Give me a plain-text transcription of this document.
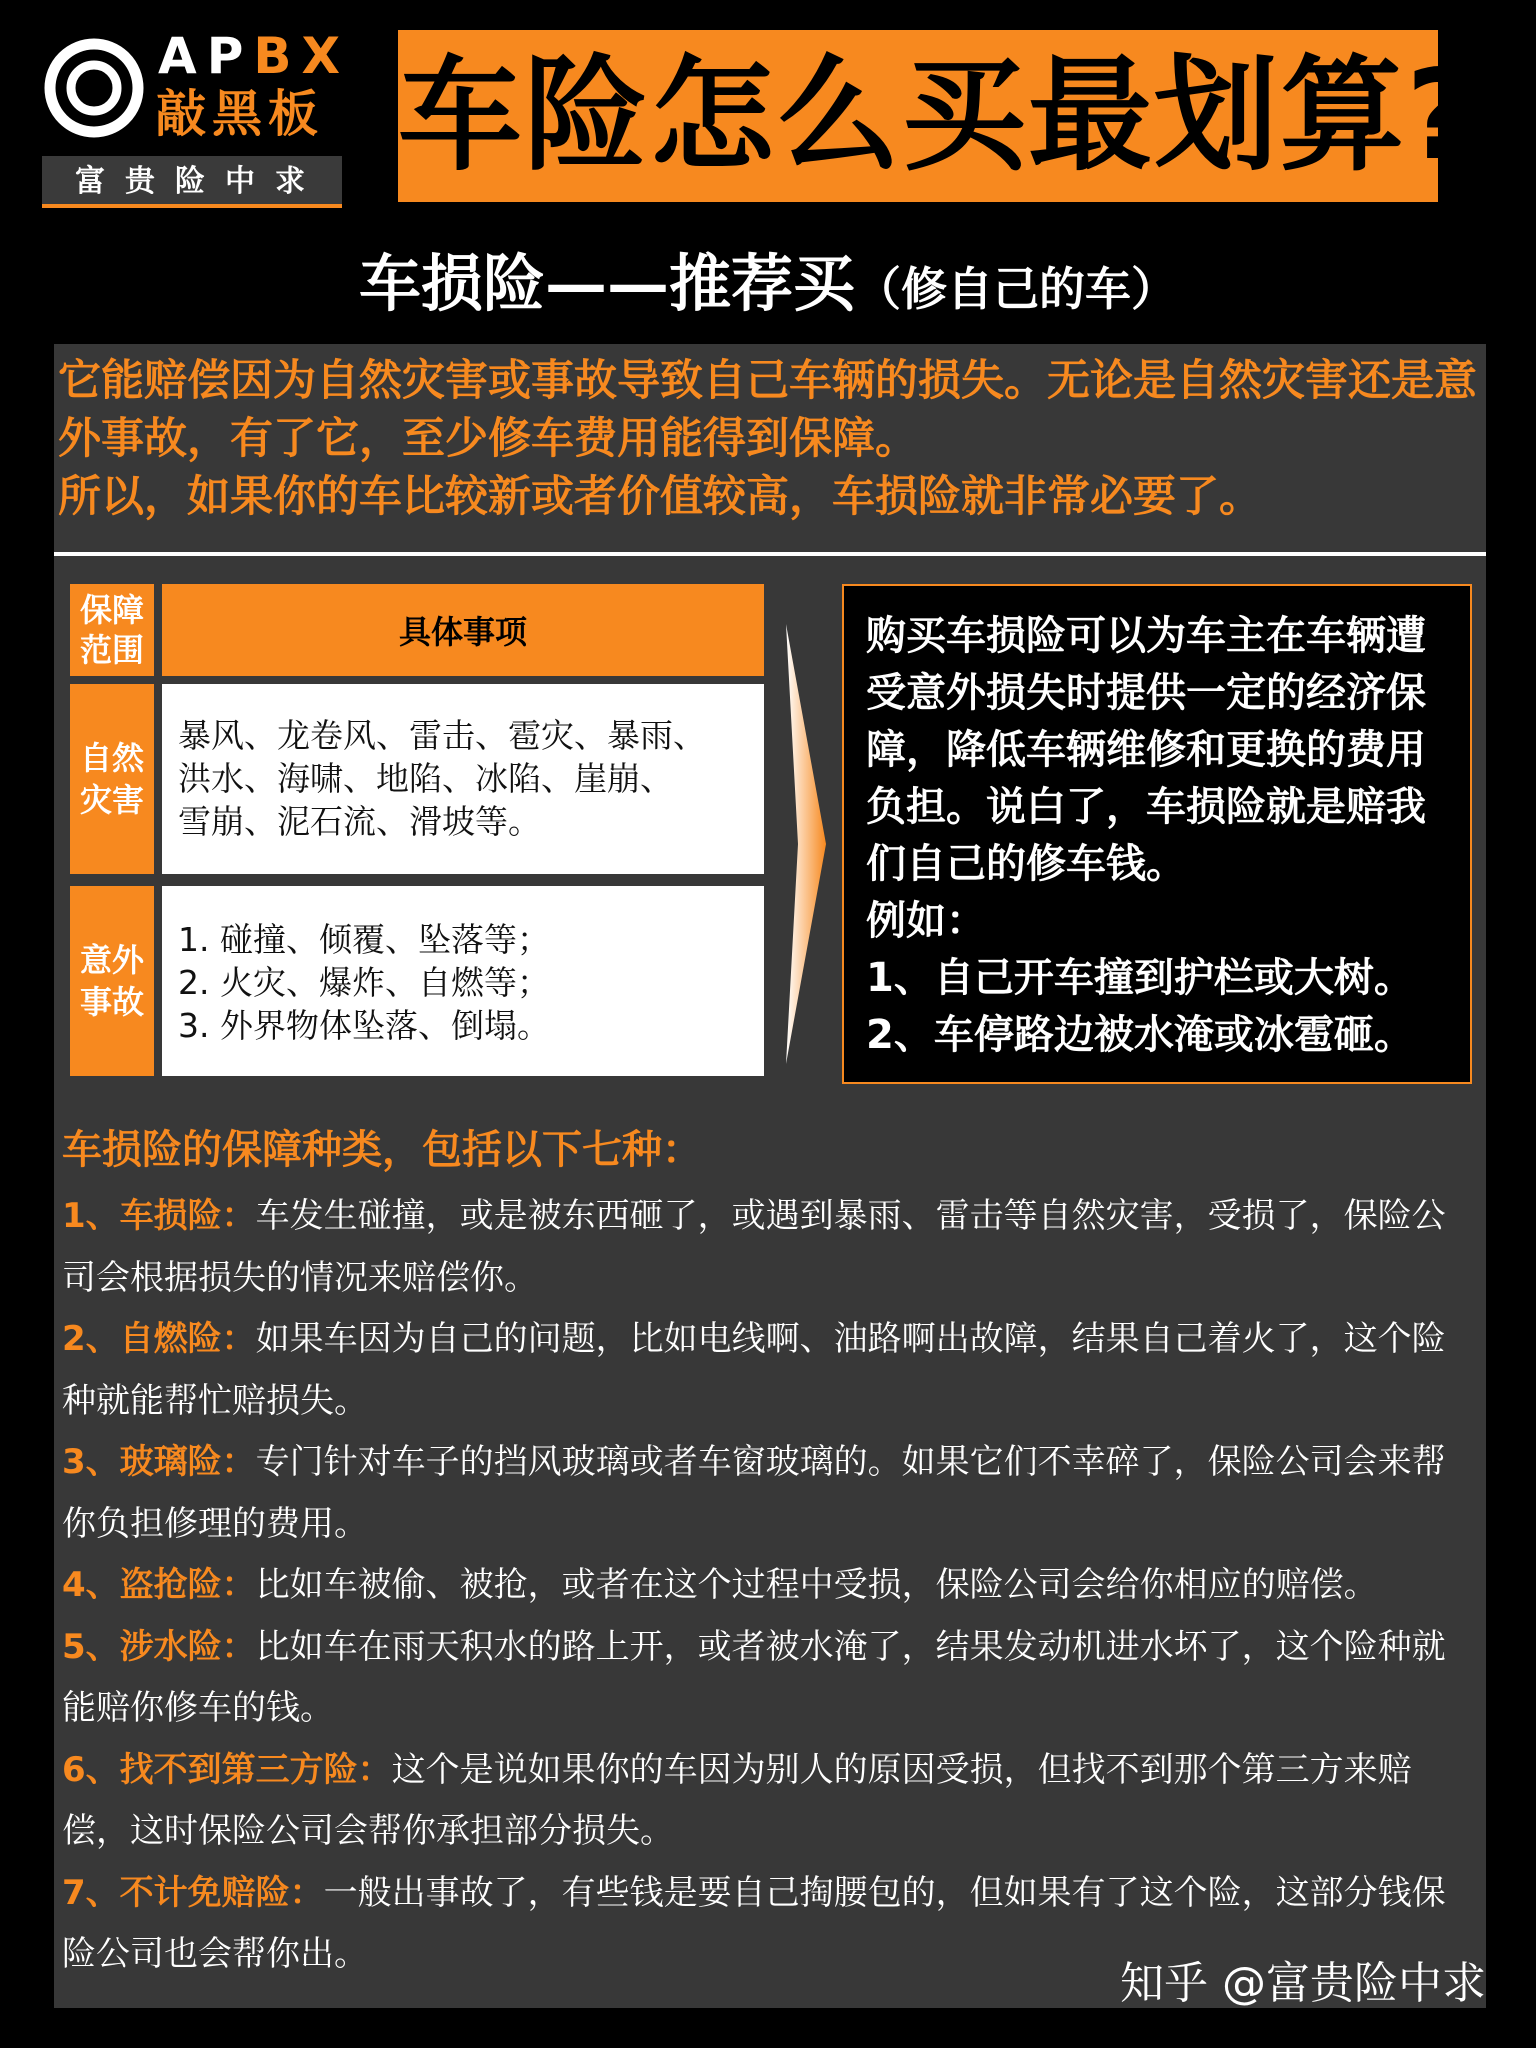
APBX
敲黑板
富贵险中求 车险怎么买最划算?
车损险——推荐买（修自己的车）
它能赔偿因为自然灾害或事故导致自己车辆的损失。无论是自然灾害还是意外事故，有了它，至少修车费用能得到保障。
所以，如果你的车比较新或者价值较高，车损险就非常必要了。
保障范围	具体事项
自然灾害
暴风、龙卷风、雷击、雹灾、暴雨、
洪水、海啸、地陷、冰陷、崖崩、
雪崩、泥石流、滑坡等。
意外事故
1. 碰撞、倾覆、坠落等；
2. 火灾、爆炸、自燃等；
3. 外界物体坠落、倒塌。
购买车损险可以为车主在车辆遭受意外损失时提供一定的经济保障，降低车辆维修和更换的费用负担。说白了，车损险就是赔我们自己的修车钱。
例如：
1、自己开车撞到护栏或大树。
2、车停路边被水淹或冰雹砸。
车损险的保障种类，包括以下七种：
1、车损险：车发生碰撞，或是被东西砸了，或遇到暴雨、雷击等自然灾害，受损了，保险公司会根据损失的情况来赔偿你。
2、自燃险：如果车因为自己的问题，比如电线啊、油路啊出故障，结果自己着火了，这个险种就能帮忙赔损失。
3、玻璃险：专门针对车子的挡风玻璃或者车窗玻璃的。如果它们不幸碎了，保险公司会来帮你负担修理的费用。
4、盗抢险：比如车被偷、被抢，或者在这个过程中受损，保险公司会给你相应的赔偿。
5、涉水险：比如车在雨天积水的路上开，或者被水淹了，结果发动机进水坏了，这个险种就能赔你修车的钱。
6、找不到第三方险：这个是说如果你的车因为别人的原因受损，但找不到那个第三方来赔偿，这时保险公司会帮你承担部分损失。
7、不计免赔险：一般出事故了，有些钱是要自己掏腰包的，但如果有了这个险，这部分钱保险公司也会帮你出。
知乎 @富贵险中求
